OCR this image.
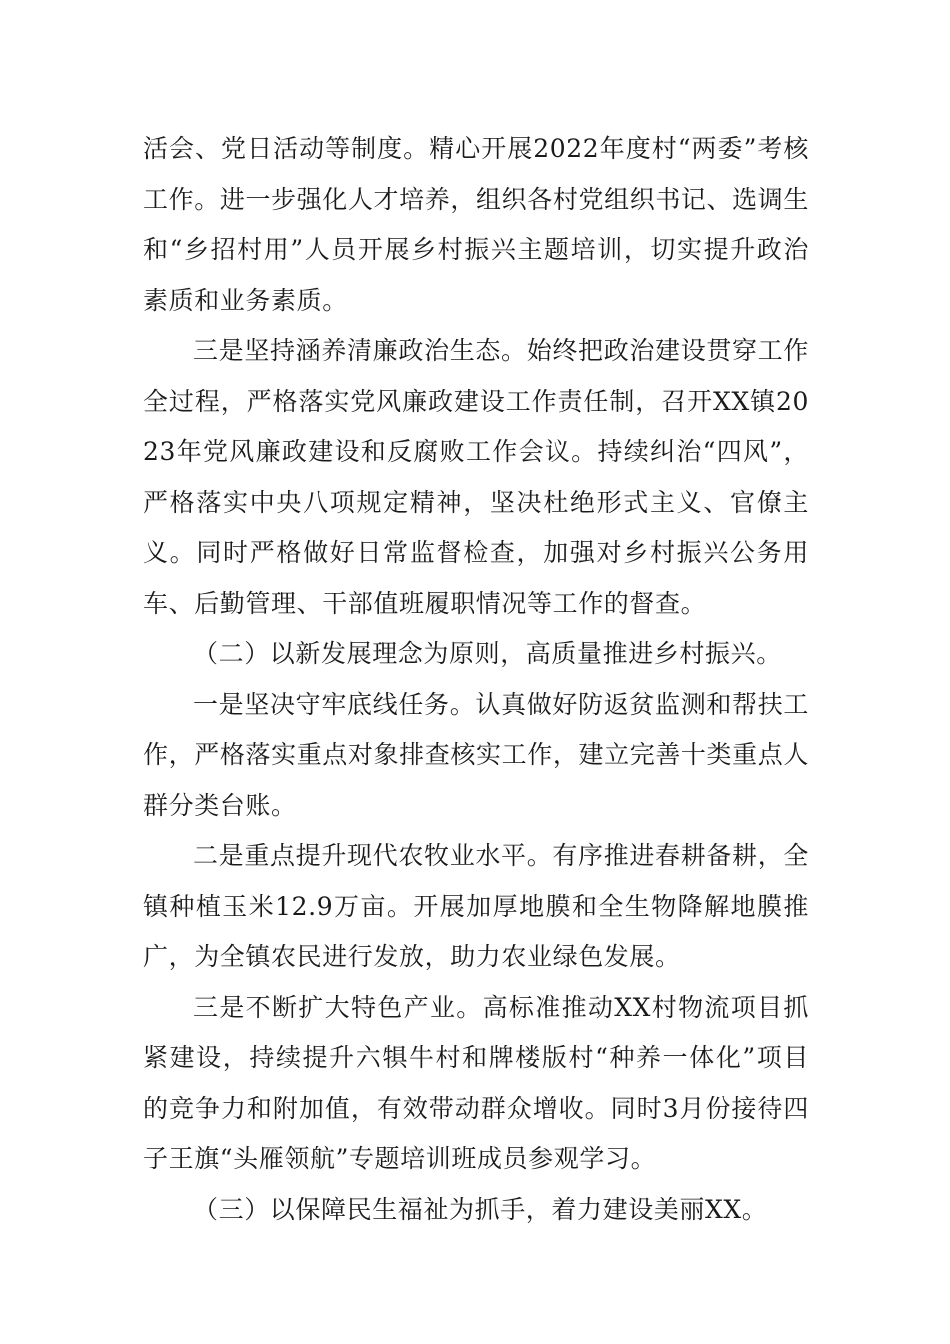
活会、党日活动等制度。精心开展2022年度村“两委”考核工作。进一步强化人才培养，组织各村党组织书记、选调生和“乡招村用”人员开展乡村振兴主题培训，切实提升政治素质和业务素质。

三是坚持涵养清廉政治生态。始终把政治建设贯穿工作全过程，严格落实党风廉政建设工作责任制，召开XX镇2023年党风廉政建设和反腐败工作会议。持续纠治“四风”，严格落实中央八项规定精神，坚决杜绝形式主义、官僚主义。同时严格做好日常监督检查，加强对乡村振兴公务用车、后勤管理、干部值班履职情况等工作的督查。

（二）以新发展理念为原则，高质量推进乡村振兴。

一是坚决守牢底线任务。认真做好防返贫监测和帮扶工作，严格落实重点对象排查核实工作，建立完善十类重点人群分类台账。

二是重点提升现代农牧业水平。有序推进春耕备耕，全镇种植玉米12.9万亩。开展加厚地膜和全生物降解地膜推广，为全镇农民进行发放，助力农业绿色发展。

三是不断扩大特色产业。高标准推动XX村物流项目抓紧建设，持续提升六犋牛村和牌楼版村“种养一体化”项目的竞争力和附加值，有效带动群众增收。同时3月份接待四子王旗“头雁领航”专题培训班成员参观学习。

（三）以保障民生福祉为抓手，着力建设美丽XX。
